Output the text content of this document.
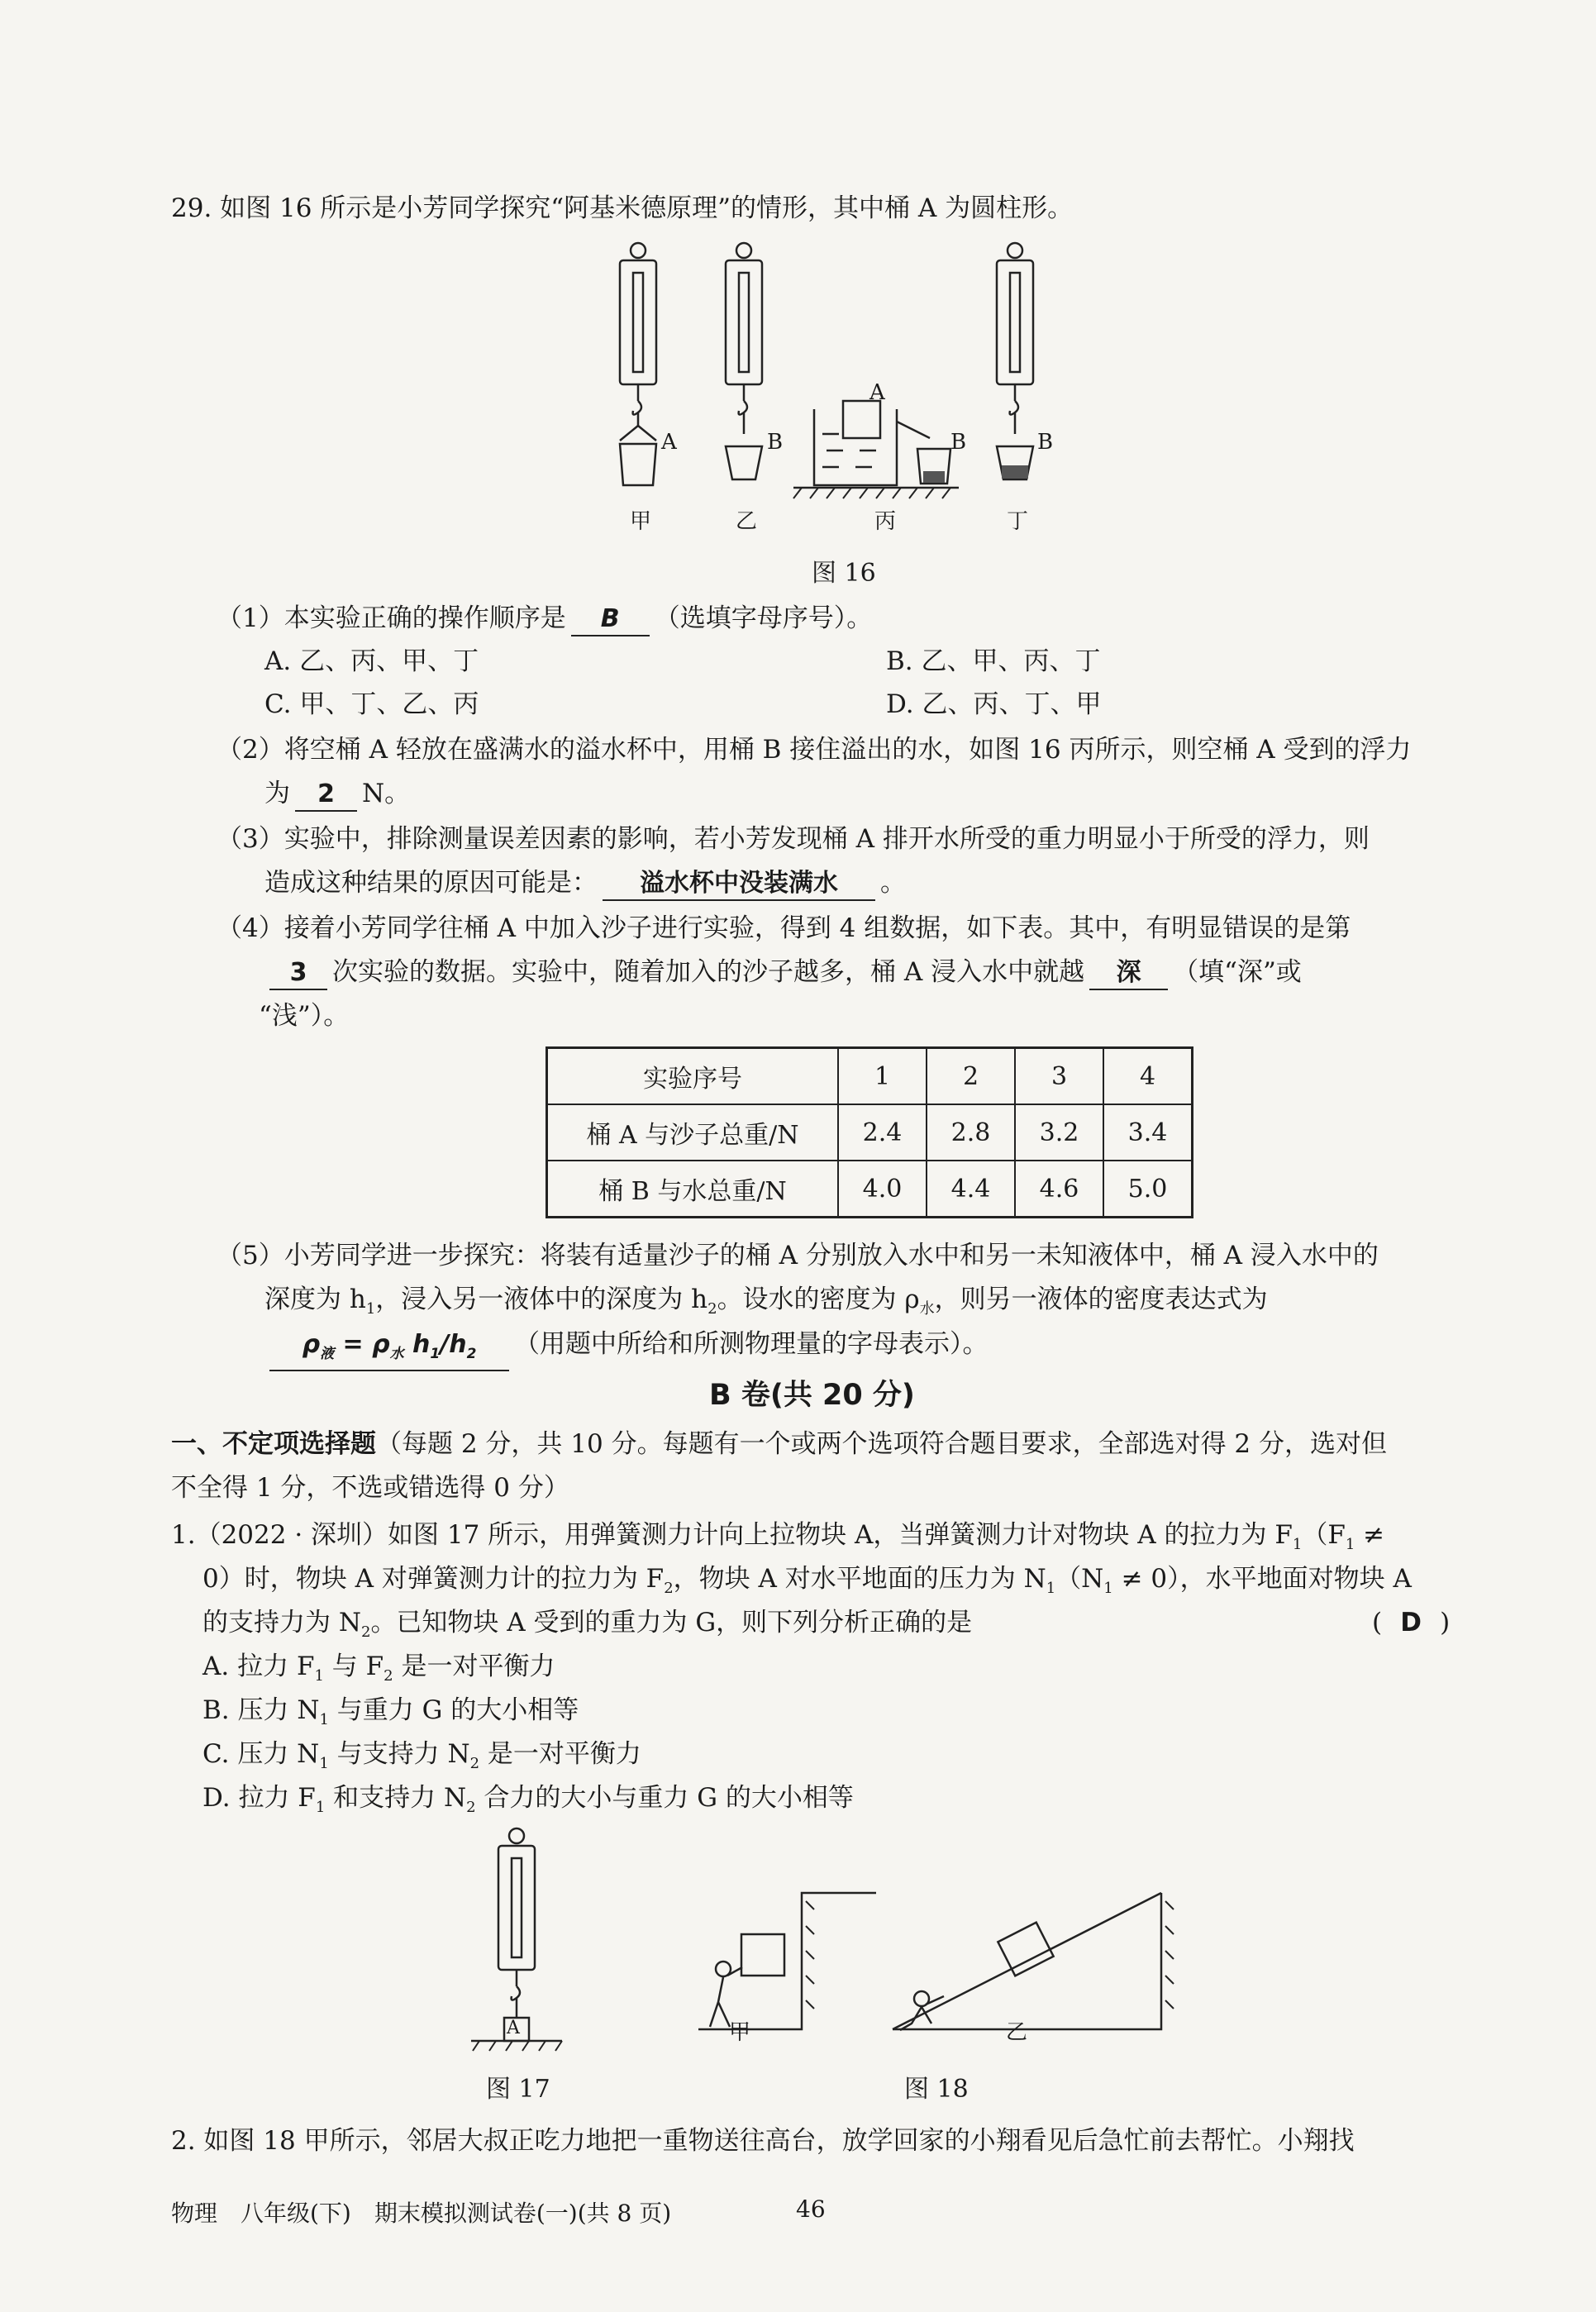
29. 如图 16 所示是小芳同学探究“阿基米德原理”的情形，其中桶 A 为圆柱形。
A	B
A
B	B
甲	乙	丙	丁
图 16
（1）本实验正确的操作顺序是 B （选填字母序号）。
A. 乙、丙、甲、丁	B. 乙、甲、丙、丁
C. 甲、丁、乙、丙	D. 乙、丙、丁、甲
（2）将空桶 A 轻放在盛满水的溢水杯中，用桶 B 接住溢出的水，如图 16 丙所示，则空桶 A 受到的浮力
为 2 N。
（3）实验中，排除测量误差因素的影响，若小芳发现桶 A 排开水所受的重力明显小于所受的浮力，则
造成这种结果的原因可能是： 溢水杯中没装满水 。
（4）接着小芳同学往桶 A 中加入沙子进行实验，得到 4 组数据，如下表。其中，有明显错误的是第
3 次实验的数据。实验中，随着加入的沙子越多，桶 A 浸入水中就越 深 （填“深”或
“浅”）。
实验序号	1	2	3	4
桶 A 与沙子总重/N	2.4	2.8	3.2	3.4
桶 B 与水总重/N	4.0	4.4	4.6	5.0
（5）小芳同学进一步探究：将装有适量沙子的桶 A 分别放入水中和另一未知液体中，桶 A 浸入水中的
深度为 $h_1$，浸入另一液体中的深度为 $h_2$。设水的密度为 $\rho_水$，则另一液体的密度表达式为
$\rho_液 = \rho_水$ $h_1/h_2$ （用题中所给和所测物理量的字母表示）。
B 卷(共 20 分)
一、不定项选择题（每题 2 分，共 10 分。每题有一个或两个选项符合题目要求，全部选对得 2 分，选对但
不全得 1 分，不选或错选得 0 分）
1.（2022 · 深圳）如图 17 所示，用弹簧测力计向上拉物块 A，当弹簧测力计对物块 A 的拉力为 $F_1(F_1$ ≠
0）时，物块 A 对弹簧测力计的拉力为 $F_2$，物块 A 对水平地面的压力为 $N_1(N_1 \ne 0)$，水平地面对物块 A
的支持力为 $N_2$。已知物块 A 受到的重力为 G，则下列分析正确的是	( D )
A. 拉力 $F_1$ 与 $F_2$ 是一对平衡力
B. 压力 $N_1$ 与重力 G 的大小相等
C. 压力 $N_1$ 与支持力 $N_2$ 是一对平衡力
D. 拉力 $F_1$ 和支持力 $N_2$ 合力的大小与重力 G 的大小相等
A
图 17
甲	乙
图 18
2. 如图 18 甲所示，邻居大叔正吃力地把一重物送往高台，放学回家的小翔看见后急忙前去帮忙。小翔找
物理　八年级(下)　期末模拟测试卷(一)(共 8 页)	46
